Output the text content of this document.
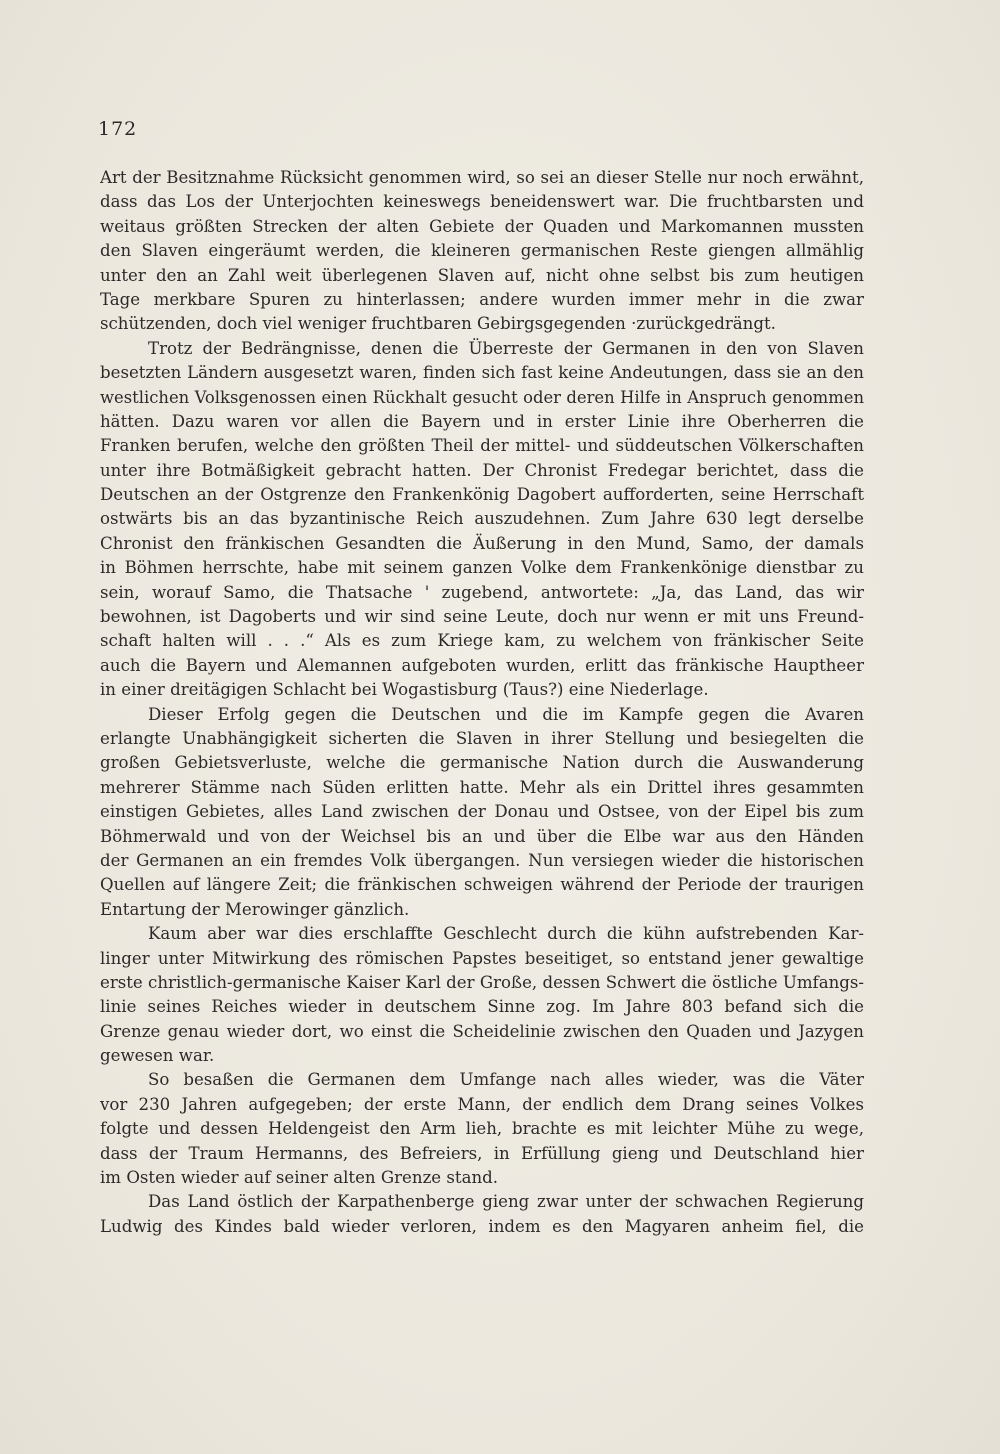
172
Art der Besitznahme Rücksicht genommen wird, so sei an dieser Stelle nur noch erwähnt,
dass das Los der Unterjochten keineswegs beneidenswert war. Die fruchtbarsten und
weitaus größten Strecken der alten Gebiete der Quaden und Markomannen mussten
den Slaven eingeräumt werden, die kleineren germanischen Reste giengen allmählig
unter den an Zahl weit überlegenen Slaven auf, nicht ohne selbst bis zum heutigen
Tage merkbare Spuren zu hinterlassen; andere wurden immer mehr in die zwar
schützenden, doch viel weniger fruchtbaren Gebirgsgegenden ·zurückgedrängt.
Trotz der Bedrängnisse, denen die Überreste der Germanen in den von Slaven
besetzten Ländern ausgesetzt waren, finden sich fast keine Andeutungen, dass sie an den
westlichen Volksgenossen einen Rückhalt gesucht oder deren Hilfe in Anspruch genommen
hätten. Dazu waren vor allen die Bayern und in erster Linie ihre Oberherren die
Franken berufen, welche den größten Theil der mittel- und süddeutschen Völkerschaften
unter ihre Botmäßigkeit gebracht hatten. Der Chronist Fredegar berichtet, dass die
Deutschen an der Ostgrenze den Frankenkönig Dagobert aufforderten, seine Herrschaft
ostwärts bis an das byzantinische Reich auszudehnen. Zum Jahre 630 legt derselbe
Chronist den fränkischen Gesandten die Äußerung in den Mund, Samo, der damals
in Böhmen herrschte, habe mit seinem ganzen Volke dem Frankenkönige dienstbar zu
sein, worauf Samo, die Thatsache ' zugebend, antwortete: „Ja, das Land, das wir
bewohnen, ist Dagoberts und wir sind seine Leute, doch nur wenn er mit uns Freund-
schaft halten will . . .“ Als es zum Kriege kam, zu welchem von fränkischer Seite
auch die Bayern und Alemannen aufgeboten wurden, erlitt das fränkische Hauptheer
in einer dreitägigen Schlacht bei Wogastisburg (Taus?) eine Niederlage.
Dieser Erfolg gegen die Deutschen und die im Kampfe gegen die Avaren
erlangte Unabhängigkeit sicherten die Slaven in ihrer Stellung und besiegelten die
großen Gebietsverluste, welche die germanische Nation durch die Auswanderung
mehrerer Stämme nach Süden erlitten hatte. Mehr als ein Drittel ihres gesammten
einstigen Gebietes, alles Land zwischen der Donau und Ostsee, von der Eipel bis zum
Böhmerwald und von der Weichsel bis an und über die Elbe war aus den Händen
der Germanen an ein fremdes Volk übergangen. Nun versiegen wieder die historischen
Quellen auf längere Zeit; die fränkischen schweigen während der Periode der traurigen
Entartung der Merowinger gänzlich.
Kaum aber war dies erschlaffte Geschlecht durch die kühn aufstrebenden Kar-
linger unter Mitwirkung des römischen Papstes beseitiget, so entstand jener gewaltige
erste christlich-germanische Kaiser Karl der Große, dessen Schwert die östliche Umfangs-
linie seines Reiches wieder in deutschem Sinne zog. Im Jahre 803 befand sich die
Grenze genau wieder dort, wo einst die Scheidelinie zwischen den Quaden und Jazygen
gewesen war.
So besaßen die Germanen dem Umfange nach alles wieder, was die Väter
vor 230 Jahren aufgegeben; der erste Mann, der endlich dem Drang seines Volkes
folgte und dessen Heldengeist den Arm lieh, brachte es mit leichter Mühe zu wege,
dass der Traum Hermanns, des Befreiers, in Erfüllung gieng und Deutschland hier
im Osten wieder auf seiner alten Grenze stand.
Das Land östlich der Karpathenberge gieng zwar unter der schwachen Regierung
Ludwig des Kindes bald wieder verloren, indem es den Magyaren anheim fiel, die
